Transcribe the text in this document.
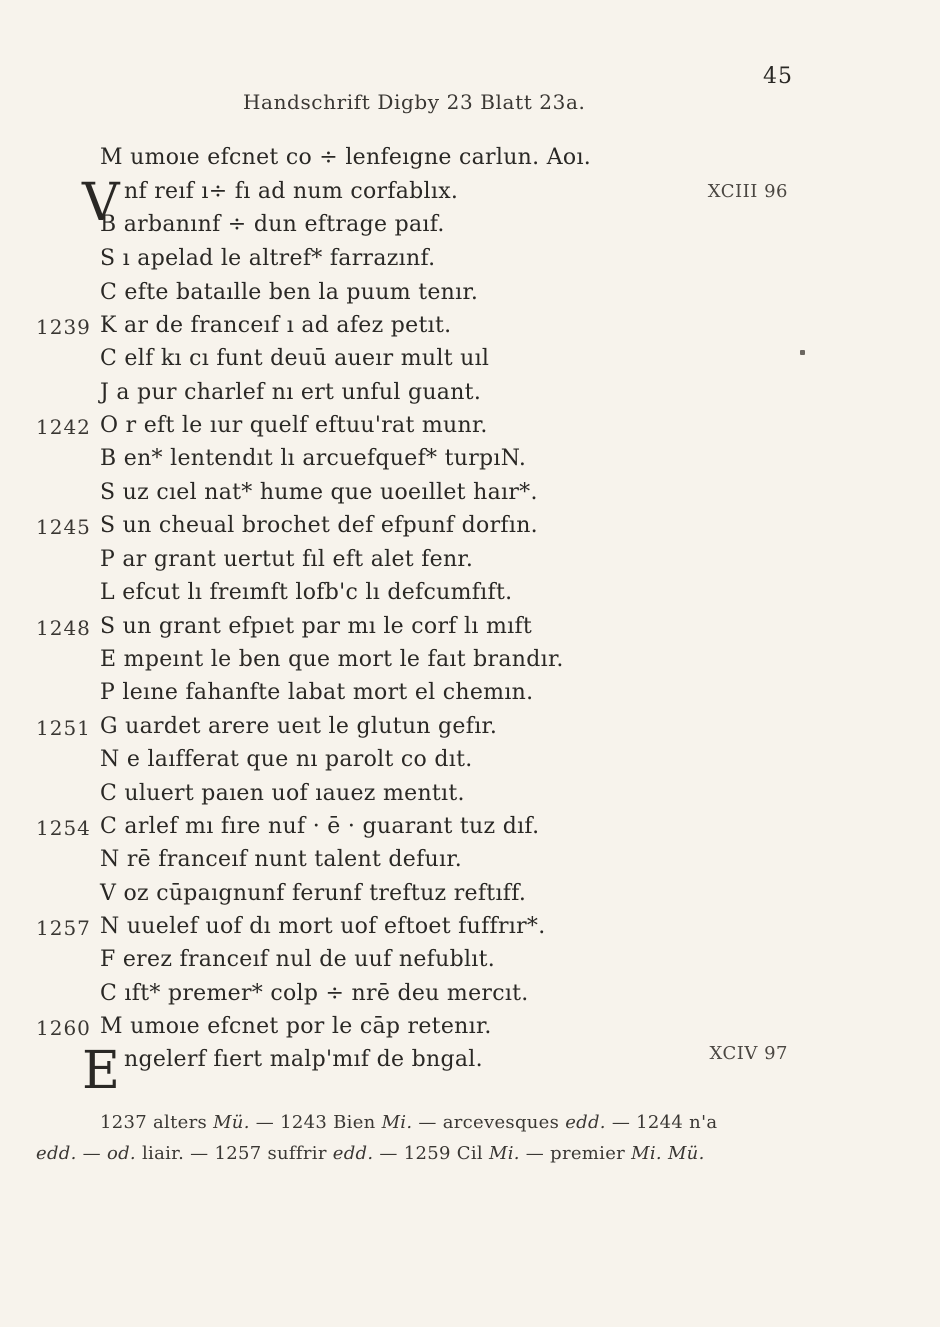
45
Handschrift Digby 23 Blatt 23a.
M umoıe efcnet co ÷ lenfeıgne carlun. Aoı.
V nf reıf ı÷ fı ad num corfablıx.
B arbanınf ÷ dun eftrage paıf.
S ı apelad le altref* farrazınf.
C efte bataılle ben la puum tenır.
1239 K ar de franceıf ı ad afez petıt.
C elf kı cı funt deuū aueır mult uıl
J a pur charlef nı ert unful guant.
1242 O r eft le ıur quelf eftuu'rat munr.
B en* lentendıt lı arcuefquef* turpıN.
S uz cıel nat* hume que uoeıllet haır*.
1245 S un cheual brochet def efpunf dorfın.
P ar grant uertut fıl eft alet fenr.
L efcut lı freımft lofb'c lı defcumfıft.
1248 S un grant efpıet par mı le corf lı mıft
E mpeınt le ben que mort le faıt brandır.
P leıne fahanfte labat mort el chemın.
1251 G uardet arere ueıt le glutun gefır.
N e laıfferat que nı parolt co dıt.
C uluert paıen uof ıauez mentıt.
1254 C arlef mı fıre nuf · ē · guarant tuz dıf.
N rē franceıf nunt talent defuır.
V oz cūpaıgnunf ferunf treftuz reftıff.
1257 N uuelef uof dı mort uof eftoet fuffrır*.
F erez franceıf nul de uuf nefublıt.
C ıft* premer* colp ÷ nrē deu mercıt.
1260 M umoıe efcnet por le cāp retenır.
E ngelerf fıert malp'mıf de bngal.
XCIII 96
XCIV 97
1237 alters Mü. — 1243 Bien Mi. — arcevesques edd. — 1244 n'a
edd. — od. liair. — 1257 suffrir edd. — 1259 Cil Mi. — premier Mi. Mü.
